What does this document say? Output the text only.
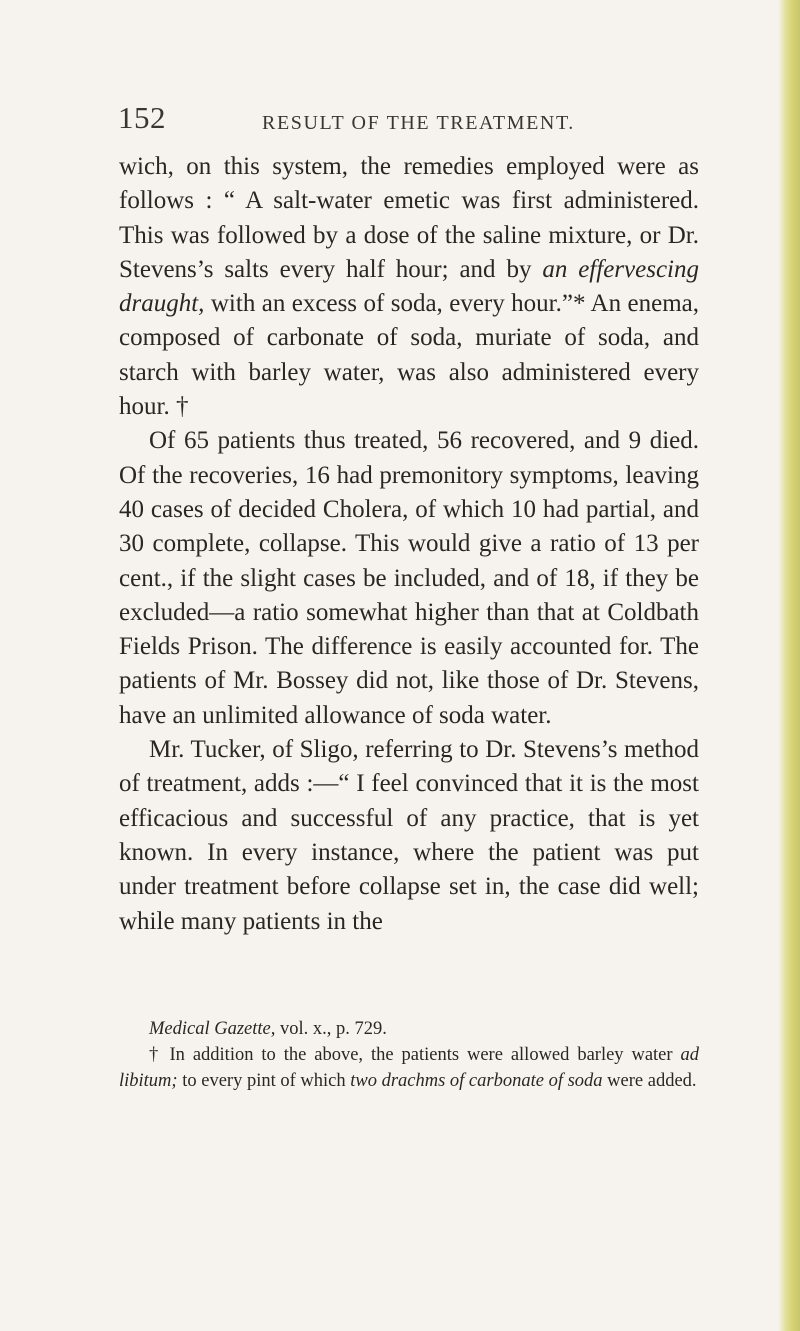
152	RESULT OF THE TREATMENT.

wich, on this system, the remedies employed were as follows : “ A salt-water emetic was first administered. This was followed by a dose of the saline mixture, or Dr. Stevens’s salts every half hour; and by an effervescing draught, with an excess of soda, every hour.”* An enema, composed of carbonate of soda, muriate of soda, and starch with barley water, was also administered every hour. †

Of 65 patients thus treated, 56 recovered, and 9 died. Of the recoveries, 16 had premonitory symptoms, leaving 40 cases of decided Cholera, of which 10 had partial, and 30 complete, collapse. This would give a ratio of 13 per cent., if the slight cases be included, and of 18, if they be excluded—a ratio somewhat higher than that at Coldbath Fields Prison. The difference is easily accounted for. The patients of Mr. Bossey did not, like those of Dr. Stevens, have an unlimited allowance of soda water.

Mr. Tucker, of Sligo, referring to Dr. Stevens’s method of treatment, adds :—“ I feel convinced that it is the most efficacious and successful of any practice, that is yet known. In every instance, where the patient was put under treatment before collapse set in, the case did well; while many patients in the

Medical Gazette, vol. x., p. 729.

† In addition to the above, the patients were allowed barley water ad libitum; to every pint of which two drachms of carbonate of soda were added.
